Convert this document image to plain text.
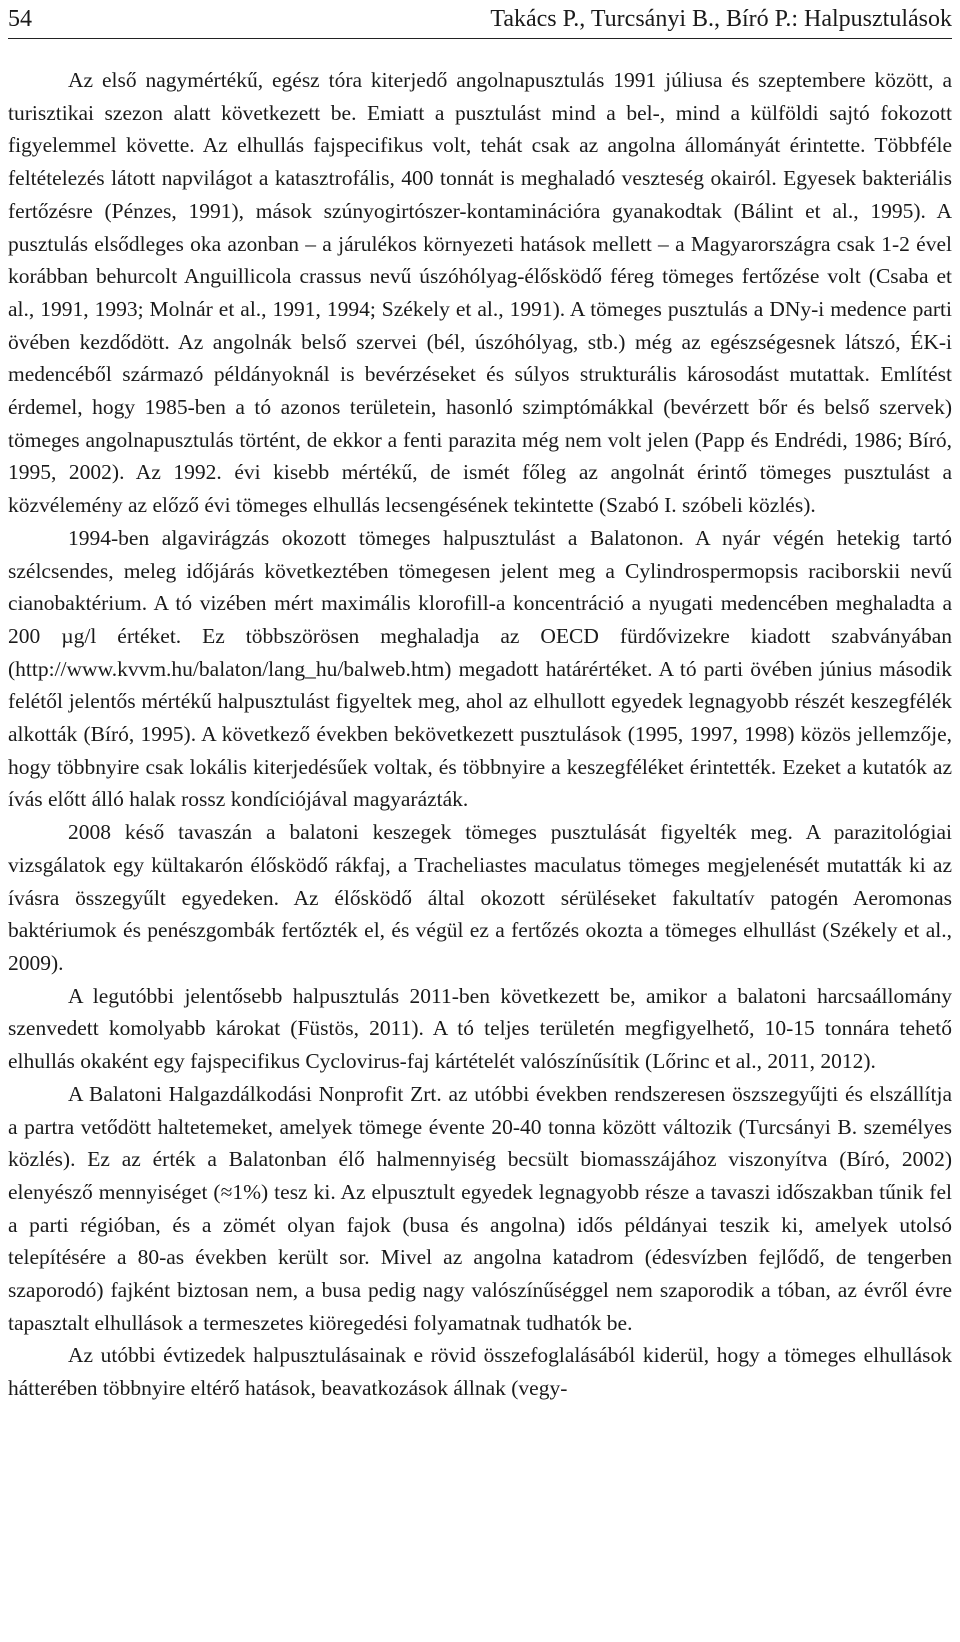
54	Takács P., Turcsányi B., Bíró P.: Halpusztulások

Az első nagymértékű, egész tóra kiterjedő angolnapusztulás 1991 júliusa és szeptembere között, a turisztikai szezon alatt következett be. Emiatt a pusztulást mind a bel-, mind a külföldi sajtó fokozott figyelemmel követte. Az elhullás fajspecifikus volt, tehát csak az angolna állományát érintette. Többféle feltételezés látott napvilágot a katasztrofális, 400 tonnát is meghaladó veszteség okairól. Egyesek bakteriális fertőzésre (Pénzes, 1991), mások szúnyogirtószer-kontaminációra gyanakodtak (Bálint et al., 1995). A pusztulás elsődleges oka azonban – a járulékos környezeti hatások mellett – a Magyarországra csak 1-2 ével korábban behurcolt Anguillicola crassus nevű úszóhólyag-élősködő féreg tömeges fertőzése volt (Csaba et al., 1991, 1993; Molnár et al., 1991, 1994; Székely et al., 1991). A tömeges pusztulás a DNy-i medence parti övében kezdődött. Az angolnák belső szervei (bél, úszóhólyag, stb.) még az egészségesnek látszó, ÉK-i medencéből származó példányoknál is bevérzéseket és súlyos strukturális károsodást mutattak. Említést érdemel, hogy 1985-ben a tó azonos területein, hasonló szimptómákkal (bevérzett bőr és belső szervek) tömeges angolnapusztulás történt, de ekkor a fenti parazita még nem volt jelen (Papp és Endrédi, 1986; Bíró, 1995, 2002). Az 1992. évi kisebb mértékű, de ismét főleg az angolnát érintő tömeges pusztulást a közvélemény az előző évi tömeges elhullás lecsengésének tekintette (Szabó I. szóbeli közlés).

1994-ben algavirágzás okozott tömeges halpusztulást a Balatonon. A nyár végén hetekig tartó szélcsendes, meleg időjárás következtében tömegesen jelent meg a Cylindrospermopsis raciborskii nevű cianobaktérium. A tó vizében mért maximális klorofill-a koncentráció a nyugati medencében meghaladta a 200 µg/l értéket. Ez többszörösen meghaladja az OECD fürdővizekre kiadott szabványában (http://www.kvvm.hu/balaton/lang_hu/balweb.htm) megadott határértéket. A tó parti övében június második felétől jelentős mértékű halpusztulást figyeltek meg, ahol az elhullott egyedek legnagyobb részét keszegfélék alkották (Bíró, 1995). A következő években bekövetkezett pusztulások (1995, 1997, 1998) közös jellemzője, hogy többnyire csak lokális kiterjedésűek voltak, és többnyire a keszegféléket érintették. Ezeket a kutatók az ívás előtt álló halak rossz kondíciójával magyarázták.

2008 késő tavaszán a balatoni keszegek tömeges pusztulását figyelték meg. A parazitológiai vizsgálatok egy kültakarón élősködő rákfaj, a Tracheliastes maculatus tömeges megjelenését mutatták ki az ívásra összegyűlt egyedeken. Az élősködő által okozott sérüléseket fakultatív patogén Aeromonas baktériumok és penészgombák fertőzték el, és végül ez a fertőzés okozta a tömeges elhullást (Székely et al., 2009).

A legutóbbi jelentősebb halpusztulás 2011-ben következett be, amikor a balatoni harcsaállomány szenvedett komolyabb károkat (Füstös, 2011). A tó teljes területén megfigyelhető, 10-15 tonnára tehető elhullás okaként egy fajspecifikus Cyclovirus-faj kártételét valószínűsítik (Lőrinc et al., 2011, 2012).

A Balatoni Halgazdálkodási Nonprofit Zrt. az utóbbi években rendszeresen öszszegyűjti és elszállítja a partra vetődött haltetemeket, amelyek tömege évente 20-40 tonna között változik (Turcsányi B. személyes közlés). Ez az érték a Balatonban élő halmennyiség becsült biomasszájához viszonyítva (Bíró, 2002) elenyésző mennyiséget (≈1%) tesz ki. Az elpusztult egyedek legnagyobb része a tavaszi időszakban tűnik fel a parti régióban, és a zömét olyan fajok (busa és angolna) idős példányai teszik ki, amelyek utolsó telepítésére a 80-as években került sor. Mivel az angolna katadrom (édesvízben fejlődő, de tengerben szaporodó) fajként biztosan nem, a busa pedig nagy valószínűséggel nem szaporodik a tóban, az évről évre tapasztalt elhullások a termeszetes kiöregedési folyamatnak tudhatók be.

Az utóbbi évtizedek halpusztulásainak e rövid összefoglalásából kiderül, hogy a tömeges elhullások hátterében többnyire eltérő hatások, beavatkozások állnak (vegy-
